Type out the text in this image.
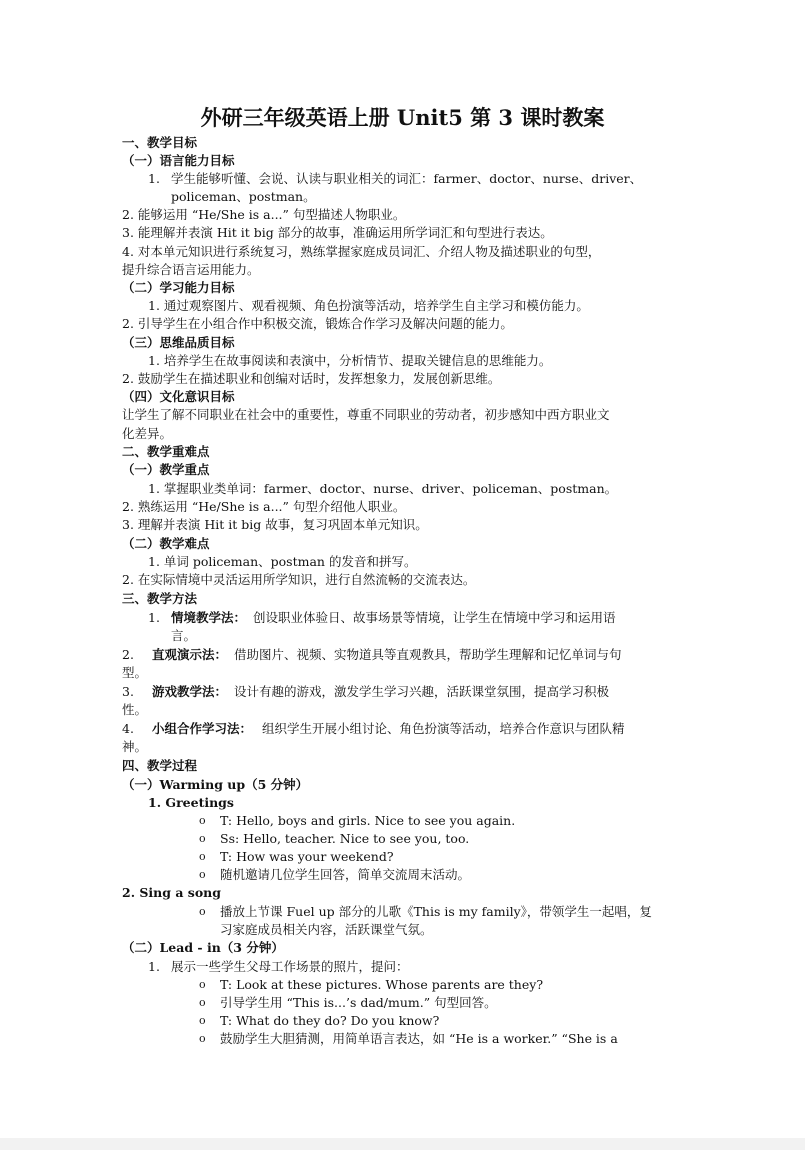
外研三年级英语上册 Unit5 第 3 课时教案
一、教学目标
（一）语言能力目标
1. 学生能够听懂、会说、认读与职业相关的词汇：farmer、doctor、nurse、driver、
policeman、postman。
2. 能够运用 “He/She is a...” 句型描述人物职业。
3. 能理解并表演 Hit it big 部分的故事，准确运用所学词汇和句型进行表达。
4. 对本单元知识进行系统复习，熟练掌握家庭成员词汇、介绍人物及描述职业的句型，
提升综合语言运用能力。
（二）学习能力目标
1. 通过观察图片、观看视频、角色扮演等活动，培养学生自主学习和模仿能力。
2. 引导学生在小组合作中积极交流，锻炼合作学习及解决问题的能力。
（三）思维品质目标
1. 培养学生在故事阅读和表演中，分析情节、提取关键信息的思维能力。
2. 鼓励学生在描述职业和创编对话时，发挥想象力，发展创新思维。
（四）文化意识目标
让学生了解不同职业在社会中的重要性，尊重不同职业的劳动者，初步感知中西方职业文
化差异。
二、教学重难点
（一）教学重点
1. 掌握职业类单词：farmer、doctor、nurse、driver、policeman、postman。
2. 熟练运用 “He/She is a...” 句型介绍他人职业。
3. 理解并表演 Hit it big 故事，复习巩固本单元知识。
（二）教学难点
1. 单词 policeman、postman 的发音和拼写。
2. 在实际情境中灵活运用所学知识，进行自然流畅的交流表达。
三、教学方法
1. 情境教学法： 创设职业体验日、故事场景等情境，让学生在情境中学习和运用语
言。
2. 直观演示法： 借助图片、视频、实物道具等直观教具，帮助学生理解和记忆单词与句
型。
3. 游戏教学法： 设计有趣的游戏，激发学生学习兴趣，活跃课堂氛围，提高学习积极
性。
4. 小组合作学习法： 组织学生开展小组讨论、角色扮演等活动，培养合作意识与团队精
神。
四、教学过程
（一）Warming up（5 分钟）
1. Greetings
o T: Hello, boys and girls. Nice to see you again.
o Ss: Hello, teacher. Nice to see you, too.
o T: How was your weekend?
o 随机邀请几位学生回答，简单交流周末活动。
2. Sing a song
o 播放上节课 Fuel up 部分的儿歌《This is my family》，带领学生一起唱，复
习家庭成员相关内容，活跃课堂气氛。
（二）Lead - in（3 分钟）
1. 展示一些学生父母工作场景的照片，提问：
o T: Look at these pictures. Whose parents are they?
o 引导学生用 “This is...’s dad/mum.” 句型回答。
o T: What do they do? Do you know?
o 鼓励学生大胆猜测，用简单语言表达，如 “He is a worker.” “She is a
